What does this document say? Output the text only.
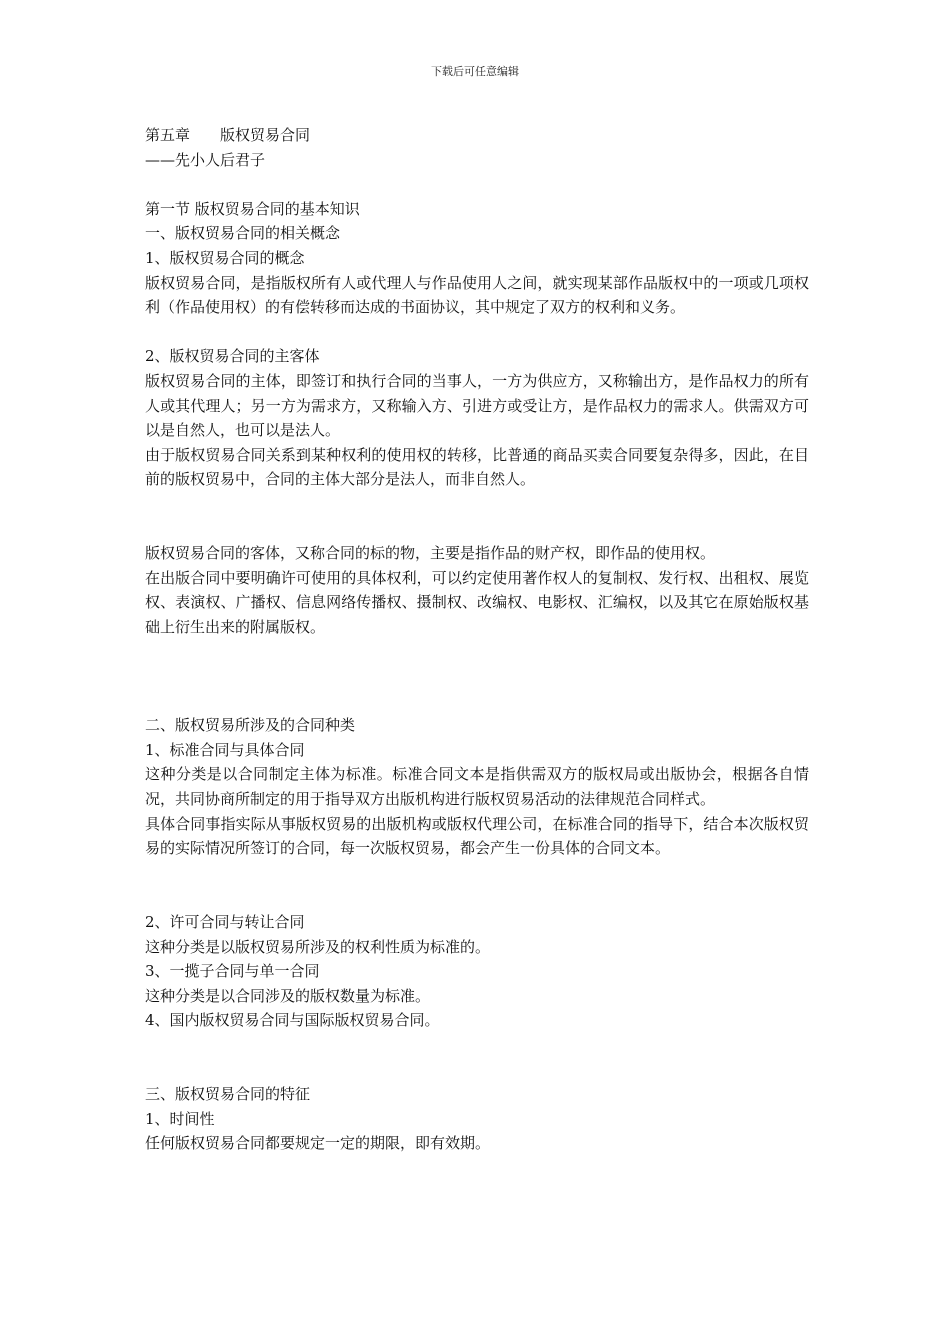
下载后可任意编辑
第五章 版权贸易合同
——先小人后君子
第一节 版权贸易合同的基本知识
一、版权贸易合同的相关概念
1、版权贸易合同的概念
版权贸易合同，是指版权所有人或代理人与作品使用人之间，就实现某部作品版权中的一项或几项权利（作品使用权）的有偿转移而达成的书面协议，其中规定了双方的权利和义务。
2、版权贸易合同的主客体
版权贸易合同的主体，即签订和执行合同的当事人，一方为供应方，又称输出方，是作品权力的所有人或其代理人；另一方为需求方，又称输入方、引进方或受让方，是作品权力的需求人。供需双方可以是自然人，也可以是法人。
由于版权贸易合同关系到某种权利的使用权的转移，比普通的商品买卖合同要复杂得多，因此，在目前的版权贸易中，合同的主体大部分是法人，而非自然人。
版权贸易合同的客体，又称合同的标的物，主要是指作品的财产权，即作品的使用权。
在出版合同中要明确许可使用的具体权利，可以约定使用著作权人的复制权、发行权、出租权、展览权、表演权、广播权、信息网络传播权、摄制权、改编权、电影权、汇编权，以及其它在原始版权基础上衍生出来的附属版权。
二、版权贸易所涉及的合同种类
1、标准合同与具体合同
这种分类是以合同制定主体为标准。标准合同文本是指供需双方的版权局或出版协会，根据各自情况，共同协商所制定的用于指导双方出版机构进行版权贸易活动的法律规范合同样式。
具体合同事指实际从事版权贸易的出版机构或版权代理公司，在标准合同的指导下，结合本次版权贸易的实际情况所签订的合同，每一次版权贸易，都会产生一份具体的合同文本。
2、许可合同与转让合同
这种分类是以版权贸易所涉及的权利性质为标准的。
3、一揽子合同与单一合同
这种分类是以合同涉及的版权数量为标准。
4、国内版权贸易合同与国际版权贸易合同。
三、版权贸易合同的特征
1、时间性
任何版权贸易合同都要规定一定的期限，即有效期。
